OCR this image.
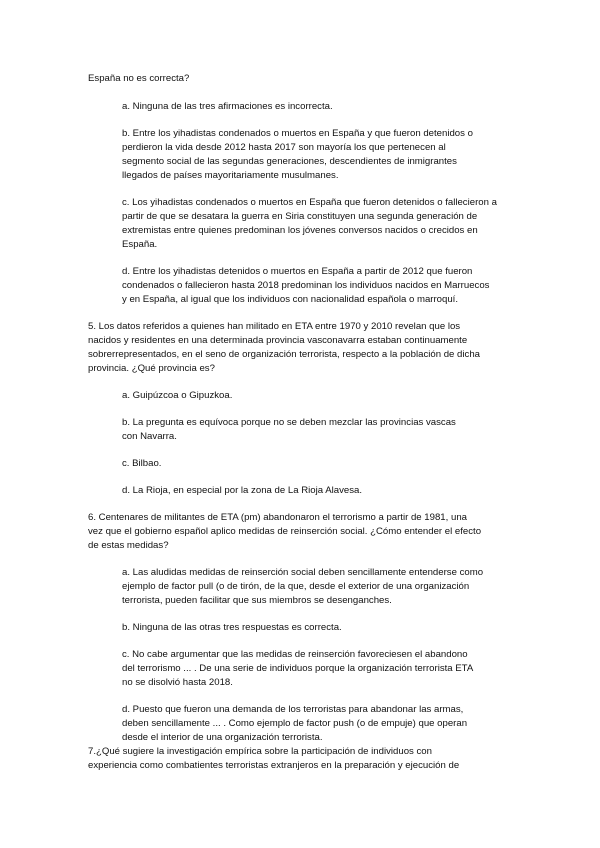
España no es correcta?
a. Ninguna de las tres afirmaciones es incorrecta.
b. Entre los yihadistas condenados o muertos en España y que fueron detenidos o
perdieron la vida desde 2012 hasta 2017 son mayoría los que pertenecen al
segmento social de las segundas generaciones, descendientes de inmigrantes
llegados de países mayoritariamente musulmanes.
c. Los yihadistas condenados o muertos en España que fueron detenidos o fallecieron a
partir de que se desatara la guerra en Siria constituyen una segunda generación de
extremistas entre quienes predominan los jóvenes conversos nacidos o crecidos en
España.
d. Entre los yihadistas detenidos o muertos en España a partir de 2012 que fueron
condenados o fallecieron hasta 2018 predominan los individuos nacidos en Marruecos
y en España, al igual que los individuos con nacionalidad española o marroquí.
5. Los datos referidos a quienes han militado en ETA entre 1970 y 2010 revelan que los
nacidos y residentes en una determinada provincia vasconavarra estaban continuamente
sobrerrepresentados, en el seno de organización terrorista, respecto a la población de dicha
provincia. ¿Qué provincia es?
a. Guipúzcoa o Gipuzkoa.
b. La pregunta es equívoca porque no se deben mezclar las provincias vascas
con Navarra.
c. Bilbao.
d. La Rioja, en especial por la zona de La Rioja Alavesa.
6. Centenares de militantes de ETA (pm) abandonaron el terrorismo a partir de 1981, una
vez que el gobierno español aplico medidas de reinserción social. ¿Cómo entender el efecto
de estas medidas?
a. Las aludidas medidas de reinserción social deben sencillamente entenderse como
ejemplo de factor pull (o de tirón, de la que, desde el exterior de una organización
terrorista, pueden facilitar que sus miembros se desenganches.
b. Ninguna de las otras tres respuestas es correcta.
c. No cabe argumentar que las medidas de reinserción favoreciesen el abandono
del terrorismo ... . De una serie de individuos porque la organización terrorista ETA
no se disolvió hasta 2018.
d. Puesto que fueron una demanda de los terroristas para abandonar las armas,
deben sencillamente ... . Como ejemplo de factor push (o de empuje) que operan
desde el interior de una organización terrorista.
7.¿Qué sugiere la investigación empírica sobre la participación de individuos con
experiencia como combatientes terroristas extranjeros en la preparación y ejecución de
